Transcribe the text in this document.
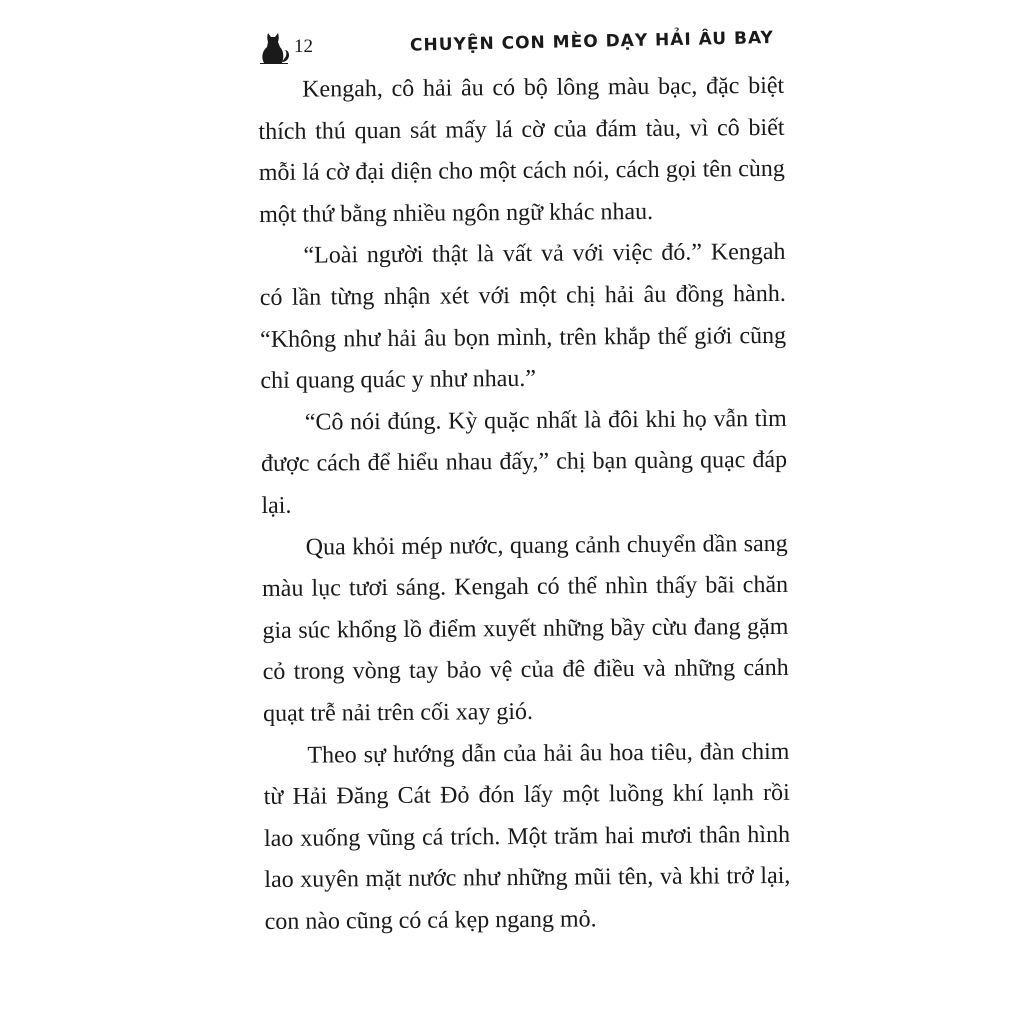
12	CHUYỆN CON MÈO DẠY HẢI ÂU BAY

Kengah, cô hải âu có bộ lông màu bạc, đặc biệt thích thú quan sát mấy lá cờ của đám tàu, vì cô biết mỗi lá cờ đại diện cho một cách nói, cách gọi tên cùng một thứ bằng nhiều ngôn ngữ khác nhau.

“Loài người thật là vất vả với việc đó.” Kengah có lần từng nhận xét với một chị hải âu đồng hành. “Không như hải âu bọn mình, trên khắp thế giới cũng chỉ quang quác y như nhau.”

“Cô nói đúng. Kỳ quặc nhất là đôi khi họ vẫn tìm được cách để hiểu nhau đấy,” chị bạn quàng quạc đáp lại.

Qua khỏi mép nước, quang cảnh chuyển dần sang màu lục tươi sáng. Kengah có thể nhìn thấy bãi chăn gia súc khổng lồ điểm xuyết những bầy cừu đang gặm cỏ trong vòng tay bảo vệ của đê điều và những cánh quạt trễ nải trên cối xay gió.

Theo sự hướng dẫn của hải âu hoa tiêu, đàn chim từ Hải Đăng Cát Đỏ đón lấy một luồng khí lạnh rồi lao xuống vũng cá trích. Một trăm hai mươi thân hình lao xuyên mặt nước như những mũi tên, và khi trở lại, con nào cũng có cá kẹp ngang mỏ.
